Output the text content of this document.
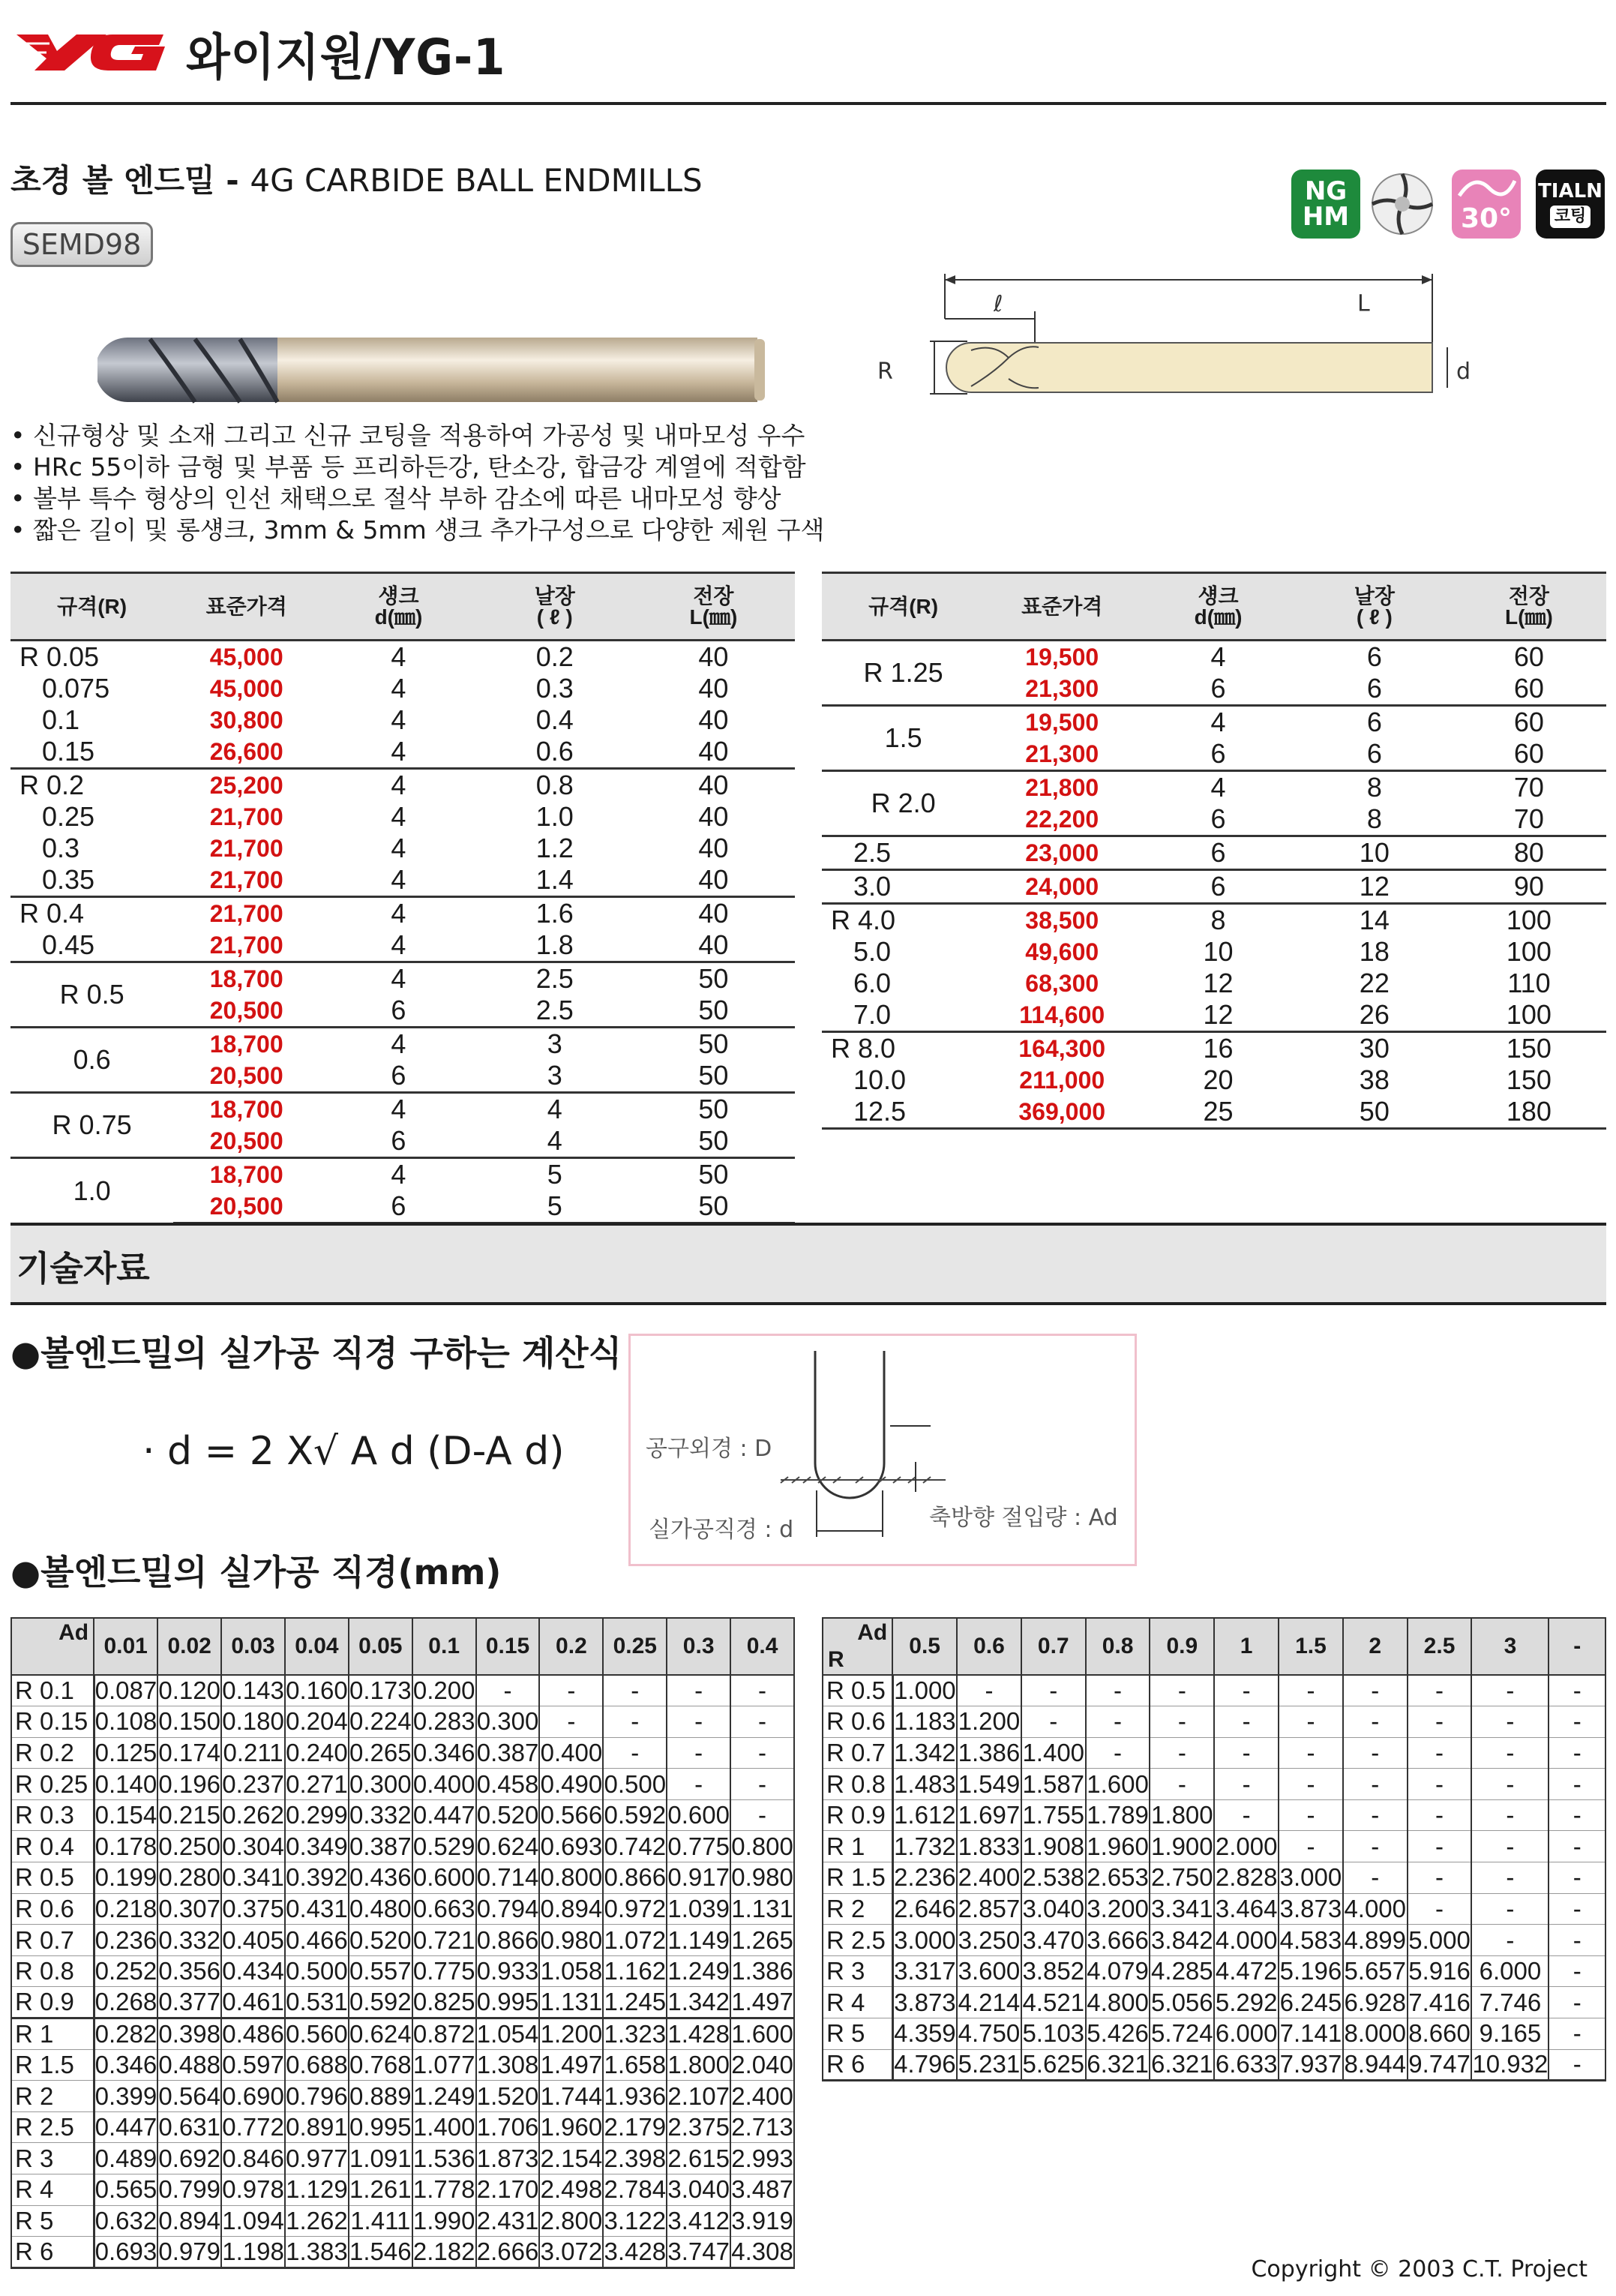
와이지원/YG-1
초경 볼 엔드밀 - 4G CARBIDE BALL ENDMILLS
SEMD98
NG
HM	30°
TIALN
코팅
L
ℓ
R	d
• 신규형상 및 소재 그리고 신규 코팅을 적용하여 가공성 및 내마모성 우수
• HRc 55이하 금형 및 부품 등 프리하든강, 탄소강, 합금강 계열에 적합함
• 볼부 특수 형상의 인선 채택으로 절삭 부하 감소에 따른 내마모성 향상
• 짧은 길이 및 롱섕크, 3mm & 5mm 섕크 추가구성으로 다양한 제원 구색
규격(R)	표준가격	섕크
d(㎜)	날장
( ℓ )	전장
L(㎜)
R 0.05	45,000	4	0.2	40
0.075	45,000	4	0.3	40
0.1	30,800	4	0.4	40
0.15	26,600	4	0.6	40
R 0.2	25,200	4	0.8	40
0.25	21,700	4	1.0	40
0.3	21,700	4	1.2	40
0.35	21,700	4	1.4	40
R 0.4	21,700	4	1.6	40
0.45	21,700	4	1.8	40
R 0.5	18,700	4	2.5	50
	20,500	6	2.5	50
0.6	18,700	4	3	50
	20,500	6	3	50
R 0.75	18,700	4	4	50
	20,500	6	4	50
1.0	18,700	4	5	50
	20,500	6	5	50
규격(R)	표준가격	섕크
d(㎜)	날장
( ℓ )	전장
L(㎜)
R 1.25	19,500	4	6	60
	21,300	6	6	60
1.5	19,500	4	6	60
	21,300	6	6	60
R 2.0	21,800	4	8	70
	22,200	6	8	70
2.5	23,000	6	10	80
3.0	24,000	6	12	90
R 4.0	38,500	8	14	100
5.0	49,600	10	18	100
6.0	68,300	12	22	110
7.0	114,600	12	26	100
R 8.0	164,300	16	30	150
10.0	211,000	20	38	150
12.5	369,000	25	50	180
기술자료
●볼엔드밀의 실가공 직경 구하는 계산식
· d = 2 X√ A d (D-A d)	공구외경 : D
실가공직경 : d	축방향 절입량 : Ad
●볼엔드밀의 실가공 직경(mm)
Ad	0.01	0.02	0.03	0.04	0.05	0.1	0.15	0.2	0.25	0.3	0.4
R 0.1	0.087	0.120	0.143	0.160	0.173	0.200	-	-	-	-	-
R 0.15	0.108	0.150	0.180	0.204	0.224	0.283	0.300	-	-	-	-
R 0.2	0.125	0.174	0.211	0.240	0.265	0.346	0.387	0.400	-	-	-
R 0.25	0.140	0.196	0.237	0.271	0.300	0.400	0.458	0.490	0.500	-	-
R 0.3	0.154	0.215	0.262	0.299	0.332	0.447	0.520	0.566	0.592	0.600	-
R 0.4	0.178	0.250	0.304	0.349	0.387	0.529	0.624	0.693	0.742	0.775	0.800
R 0.5	0.199	0.280	0.341	0.392	0.436	0.600	0.714	0.800	0.866	0.917	0.980
R 0.6	0.218	0.307	0.375	0.431	0.480	0.663	0.794	0.894	0.972	1.039	1.131
R 0.7	0.236	0.332	0.405	0.466	0.520	0.721	0.866	0.980	1.072	1.149	1.265
R 0.8	0.252	0.356	0.434	0.500	0.557	0.775	0.933	1.058	1.162	1.249	1.386
R 0.9	0.268	0.377	0.461	0.531	0.592	0.825	0.995	1.131	1.245	1.342	1.497
R 1	0.282	0.398	0.486	0.560	0.624	0.872	1.054	1.200	1.323	1.428	1.600
R 1.5	0.346	0.488	0.597	0.688	0.768	1.077	1.308	1.497	1.658	1.800	2.040
R 2	0.399	0.564	0.690	0.796	0.889	1.249	1.520	1.744	1.936	2.107	2.400
R 2.5	0.447	0.631	0.772	0.891	0.995	1.400	1.706	1.960	2.179	2.375	2.713
R 3	0.489	0.692	0.846	0.977	1.091	1.536	1.873	2.154	2.398	2.615	2.993
R 4	0.565	0.799	0.978	1.129	1.261	1.778	2.170	2.498	2.784	3.040	3.487
R 5	0.632	0.894	1.094	1.262	1.411	1.990	2.431	2.800	3.122	3.412	3.919
R 6	0.693	0.979	1.198	1.383	1.546	2.182	2.666	3.072	3.428	3.747	4.308
Ad
R	0.5	0.6	0.7	0.8	0.9	1	1.5	2	2.5	3	-
R 0.5	1.000	-	-	-	-	-	-	-	-	-	-
R 0.6	1.183	1.200	-	-	-	-	-	-	-	-	-
R 0.7	1.342	1.386	1.400	-	-	-	-	-	-	-	-
R 0.8	1.483	1.549	1.587	1.600	-	-	-	-	-	-	-
R 0.9	1.612	1.697	1.755	1.789	1.800	-	-	-	-	-	-
R 1	1.732	1.833	1.908	1.960	1.900	2.000	-	-	-	-	-
R 1.5	2.236	2.400	2.538	2.653	2.750	2.828	3.000	-	-	-	-
R 2	2.646	2.857	3.040	3.200	3.341	3.464	3.873	4.000	-	-	-
R 2.5	3.000	3.250	3.470	3.666	3.842	4.000	4.583	4.899	5.000	-	-
R 3	3.317	3.600	3.852	4.079	4.285	4.472	5.196	5.657	5.916	6.000	-
R 4	3.873	4.214	4.521	4.800	5.056	5.292	6.245	6.928	7.416	7.746	-
R 5	4.359	4.750	5.103	5.426	5.724	6.000	7.141	8.000	8.660	9.165	-
R 6	4.796	5.231	5.625	6.321	6.321	6.633	7.937	8.944	9.747	10.932	-
Copyright © 2003 C.T. Project
